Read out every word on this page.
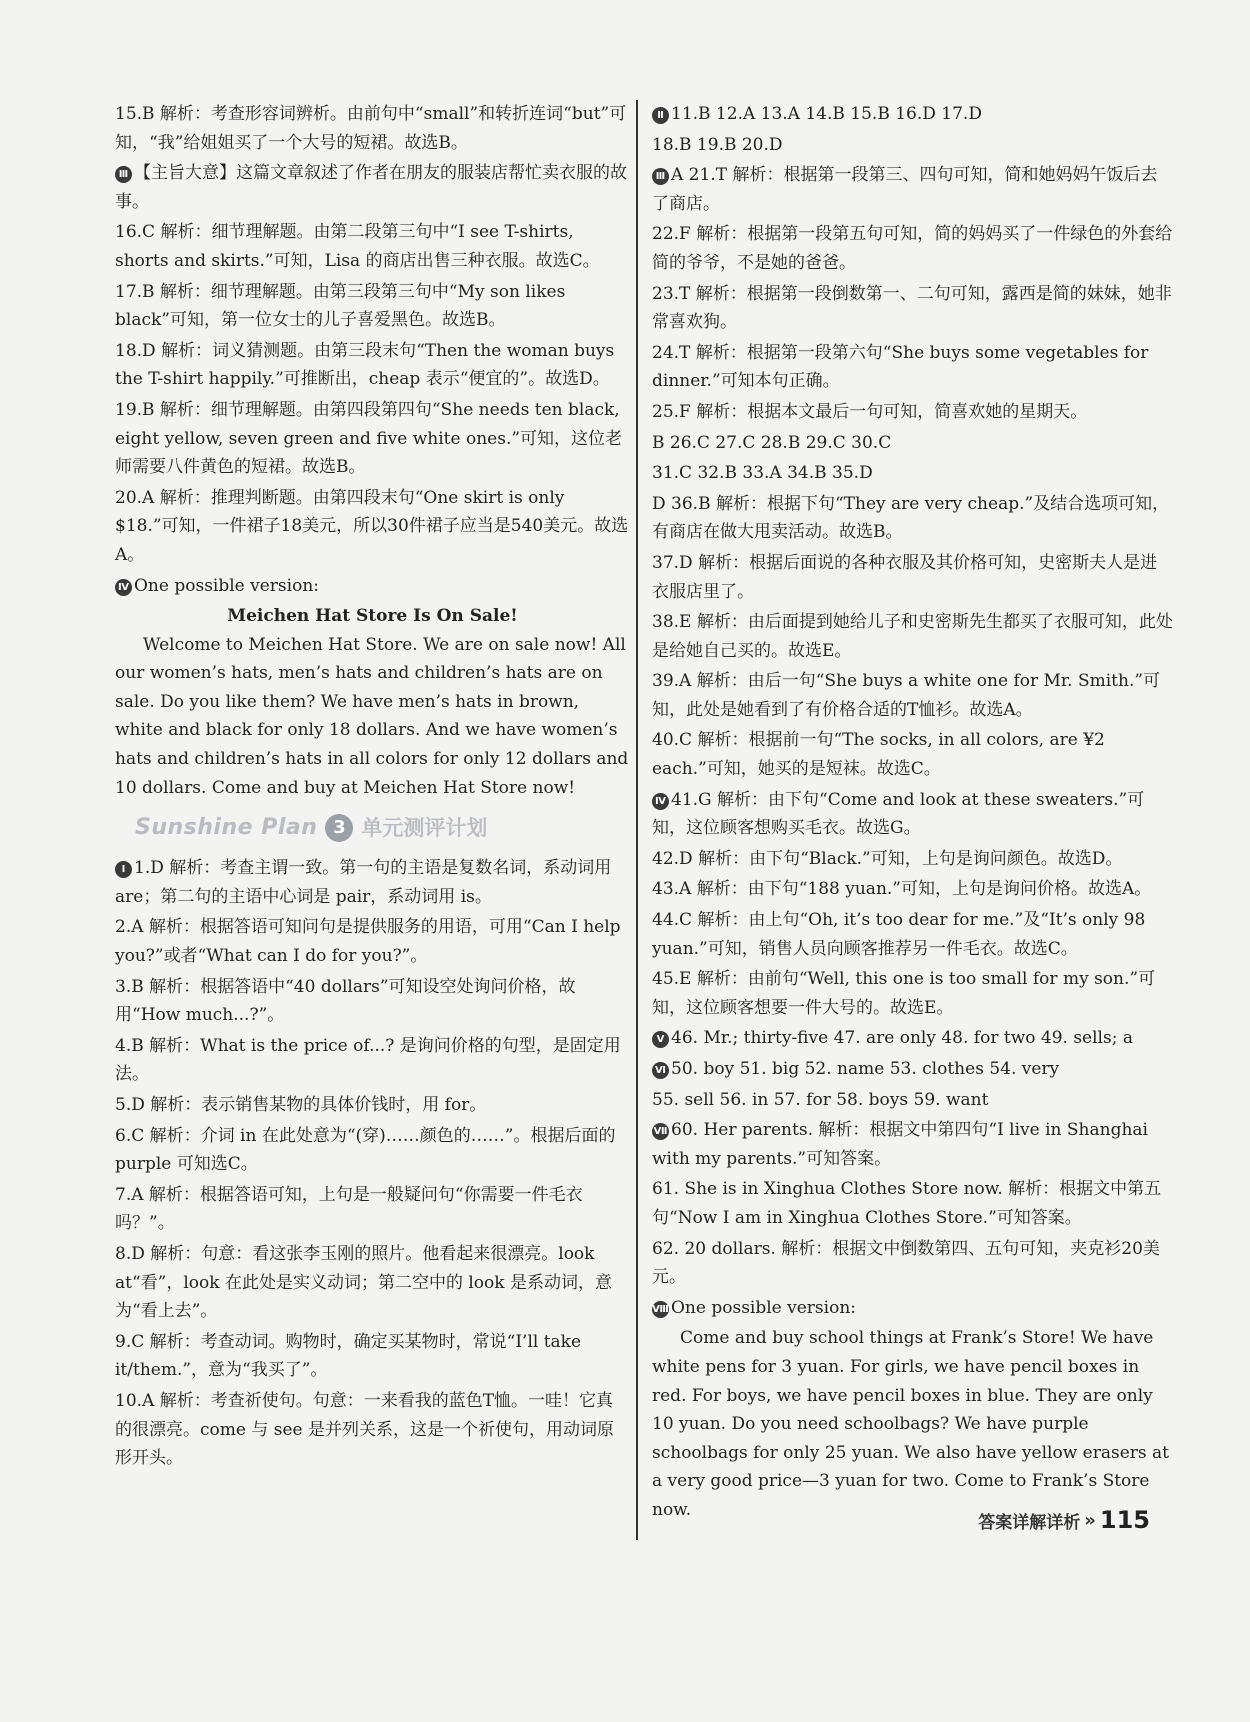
15.B 解析：考查形容词辨析。由前句中“small”和转折连词“but”可知，“我”给姐姐买了一个大号的短裙。故选B。
Ⅲ 【主旨大意】这篇文章叙述了作者在朋友的服装店帮忙卖衣服的故事。
16.C 解析：细节理解题。由第二段第三句中“I see T-shirts, shorts and skirts.”可知，Lisa 的商店出售三种衣服。故选C。
17.B 解析：细节理解题。由第三段第三句中“My son likes black”可知，第一位女士的儿子喜爱黑色。故选B。
18.D 解析：词义猜测题。由第三段末句“Then the woman buys the T-shirt happily.”可推断出，cheap 表示“便宜的”。故选D。
19.B 解析：细节理解题。由第四段第四句“She needs ten black, eight yellow, seven green and five white ones.”可知，这位老师需要八件黄色的短裙。故选B。
20.A 解析：推理判断题。由第四段末句“One skirt is only $18.”可知，一件裙子18美元，所以30件裙子应当是540美元。故选A。
Ⅳ One possible version:
Meichen Hat Store Is On Sale!
Welcome to Meichen Hat Store. We are on sale now! All our women’s hats, men’s hats and children’s hats are on sale. Do you like them? We have men’s hats in brown, white and black for only 18 dollars. And we have women’s hats and children’s hats in all colors for only 12 dollars and 10 dollars. Come and buy at Meichen Hat Store now!
Sunshine Plan 3 单元测评计划
Ⅰ 1.D 解析：考查主谓一致。第一句的主语是复数名词，系动词用 are；第二句的主语中心词是 pair，系动词用 is。
2.A 解析：根据答语可知问句是提供服务的用语，可用“Can I help you?”或者“What can I do for you?”。
3.B 解析：根据答语中“40 dollars”可知设空处询问价格，故用“How much...?”。
4.B 解析：What is the price of...? 是询问价格的句型，是固定用法。
5.D 解析：表示销售某物的具体价钱时，用 for。
6.C 解析：介词 in 在此处意为“(穿)……颜色的……”。根据后面的 purple 可知选C。
7.A 解析：根据答语可知，上句是一般疑问句“你需要一件毛衣吗？”。
8.D 解析：句意：看这张李玉刚的照片。他看起来很漂亮。look at“看”，look 在此处是实义动词；第二空中的 look 是系动词，意为“看上去”。
9.C 解析：考查动词。购物时，确定买某物时，常说“I’ll take it/them.”，意为“我买了”。
10.A 解析：考查祈使句。句意：一来看我的蓝色T恤。一哇！它真的很漂亮。come 与 see 是并列关系，这是一个祈使句，用动词原形开头。
Ⅱ 11.B 12.A 13.A 14.B 15.B 16.D 17.D
18.B 19.B 20.D
Ⅲ A 21.T 解析：根据第一段第三、四句可知，简和她妈妈午饭后去了商店。
22.F 解析：根据第一段第五句可知，简的妈妈买了一件绿色的外套给简的爷爷，不是她的爸爸。
23.T 解析：根据第一段倒数第一、二句可知，露西是简的妹妹，她非常喜欢狗。
24.T 解析：根据第一段第六句“She buys some vegetables for dinner.”可知本句正确。
25.F 解析：根据本文最后一句可知，简喜欢她的星期天。
B 26.C 27.C 28.B 29.C 30.C
31.C 32.B 33.A 34.B 35.D
D 36.B 解析：根据下句“They are very cheap.”及结合选项可知，有商店在做大甩卖活动。故选B。
37.D 解析：根据后面说的各种衣服及其价格可知，史密斯夫人是进衣服店里了。
38.E 解析：由后面提到她给儿子和史密斯先生都买了衣服可知，此处是给她自己买的。故选E。
39.A 解析：由后一句“She buys a white one for Mr. Smith.”可知，此处是她看到了有价格合适的T恤衫。故选A。
40.C 解析：根据前一句“The socks, in all colors, are ¥2 each.”可知，她买的是短袜。故选C。
Ⅳ 41.G 解析：由下句“Come and look at these sweaters.”可知，这位顾客想购买毛衣。故选G。
42.D 解析：由下句“Black.”可知，上句是询问颜色。故选D。
43.A 解析：由下句“188 yuan.”可知，上句是询问价格。故选A。
44.C 解析：由上句“Oh, it’s too dear for me.”及“It’s only 98 yuan.”可知，销售人员向顾客推荐另一件毛衣。故选C。
45.E 解析：由前句“Well, this one is too small for my son.”可知，这位顾客想要一件大号的。故选E。
Ⅴ 46. Mr.; thirty-five 47. are only 48. for two 49. sells; a
Ⅵ 50. boy 51. big 52. name 53. clothes 54. very
55. sell 56. in 57. for 58. boys 59. want
Ⅶ 60. Her parents. 解析：根据文中第四句“I live in Shanghai with my parents.”可知答案。
61. She is in Xinghua Clothes Store now. 解析：根据文中第五句“Now I am in Xinghua Clothes Store.”可知答案。
62. 20 dollars. 解析：根据文中倒数第四、五句可知，夹克衫20美元。
Ⅷ One possible version:
Come and buy school things at Frank’s Store! We have white pens for 3 yuan. For girls, we have pencil boxes in red. For boys, we have pencil boxes in blue. They are only 10 yuan. Do you need schoolbags? We have purple schoolbags for only 25 yuan. We also have yellow erasers at a very good price—3 yuan for two. Come to Frank’s Store now.
答案详解详析 » 115
